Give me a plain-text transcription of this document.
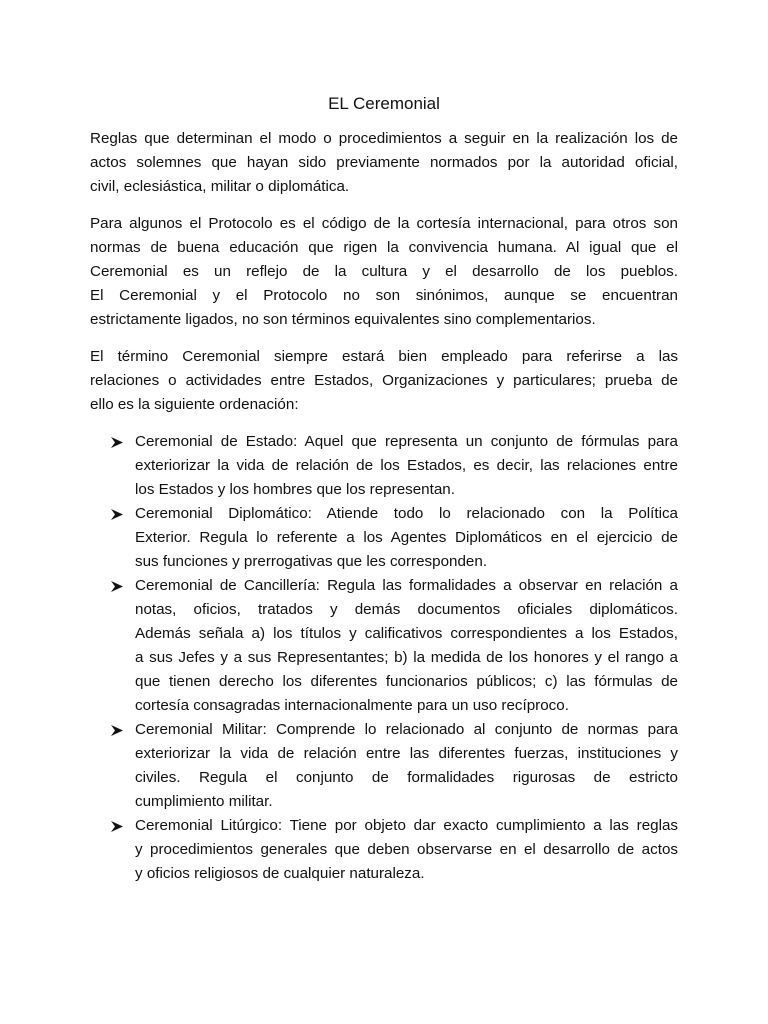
EL Ceremonial

Reglas que determinan el modo o procedimientos a seguir en la realización los de
actos solemnes que hayan sido previamente normados por la autoridad oficial,
civil, eclesiástica, militar o diplomática.

Para algunos el Protocolo es el código de la cortesía internacional, para otros son
normas de buena educación que rigen la convivencia humana. Al igual que el
Ceremonial es un reflejo de la cultura y el desarrollo de los pueblos.
El Ceremonial y el Protocolo no son sinónimos, aunque se encuentran
estrictamente ligados, no son términos equivalentes sino complementarios.

El término Ceremonial siempre estará bien empleado para referirse a las
relaciones o actividades entre Estados, Organizaciones y particulares; prueba de
ello es la siguiente ordenación:

Ceremonial de Estado: Aquel que representa un conjunto de fórmulas para
exteriorizar la vida de relación de los Estados, es decir, las relaciones entre
los Estados y los hombres que los representan.
Ceremonial Diplomático: Atiende todo lo relacionado con la Política
Exterior. Regula lo referente a los Agentes Diplomáticos en el ejercicio de
sus funciones y prerrogativas que les corresponden.
Ceremonial de Cancillería: Regula las formalidades a observar en relación a
notas, oficios, tratados y demás documentos oficiales diplomáticos.
Además señala a) los títulos y calificativos correspondientes a los Estados,
a sus Jefes y a sus Representantes; b) la medida de los honores y el rango a
que tienen derecho los diferentes funcionarios públicos; c) las fórmulas de
cortesía consagradas internacionalmente para un uso recíproco.
Ceremonial Militar: Comprende lo relacionado al conjunto de normas para
exteriorizar la vida de relación entre las diferentes fuerzas, instituciones y
civiles. Regula el conjunto de formalidades rigurosas de estricto
cumplimiento militar.
Ceremonial Litúrgico: Tiene por objeto dar exacto cumplimiento a las reglas
y procedimientos generales que deben observarse en el desarrollo de actos
y oficios religiosos de cualquier naturaleza.
